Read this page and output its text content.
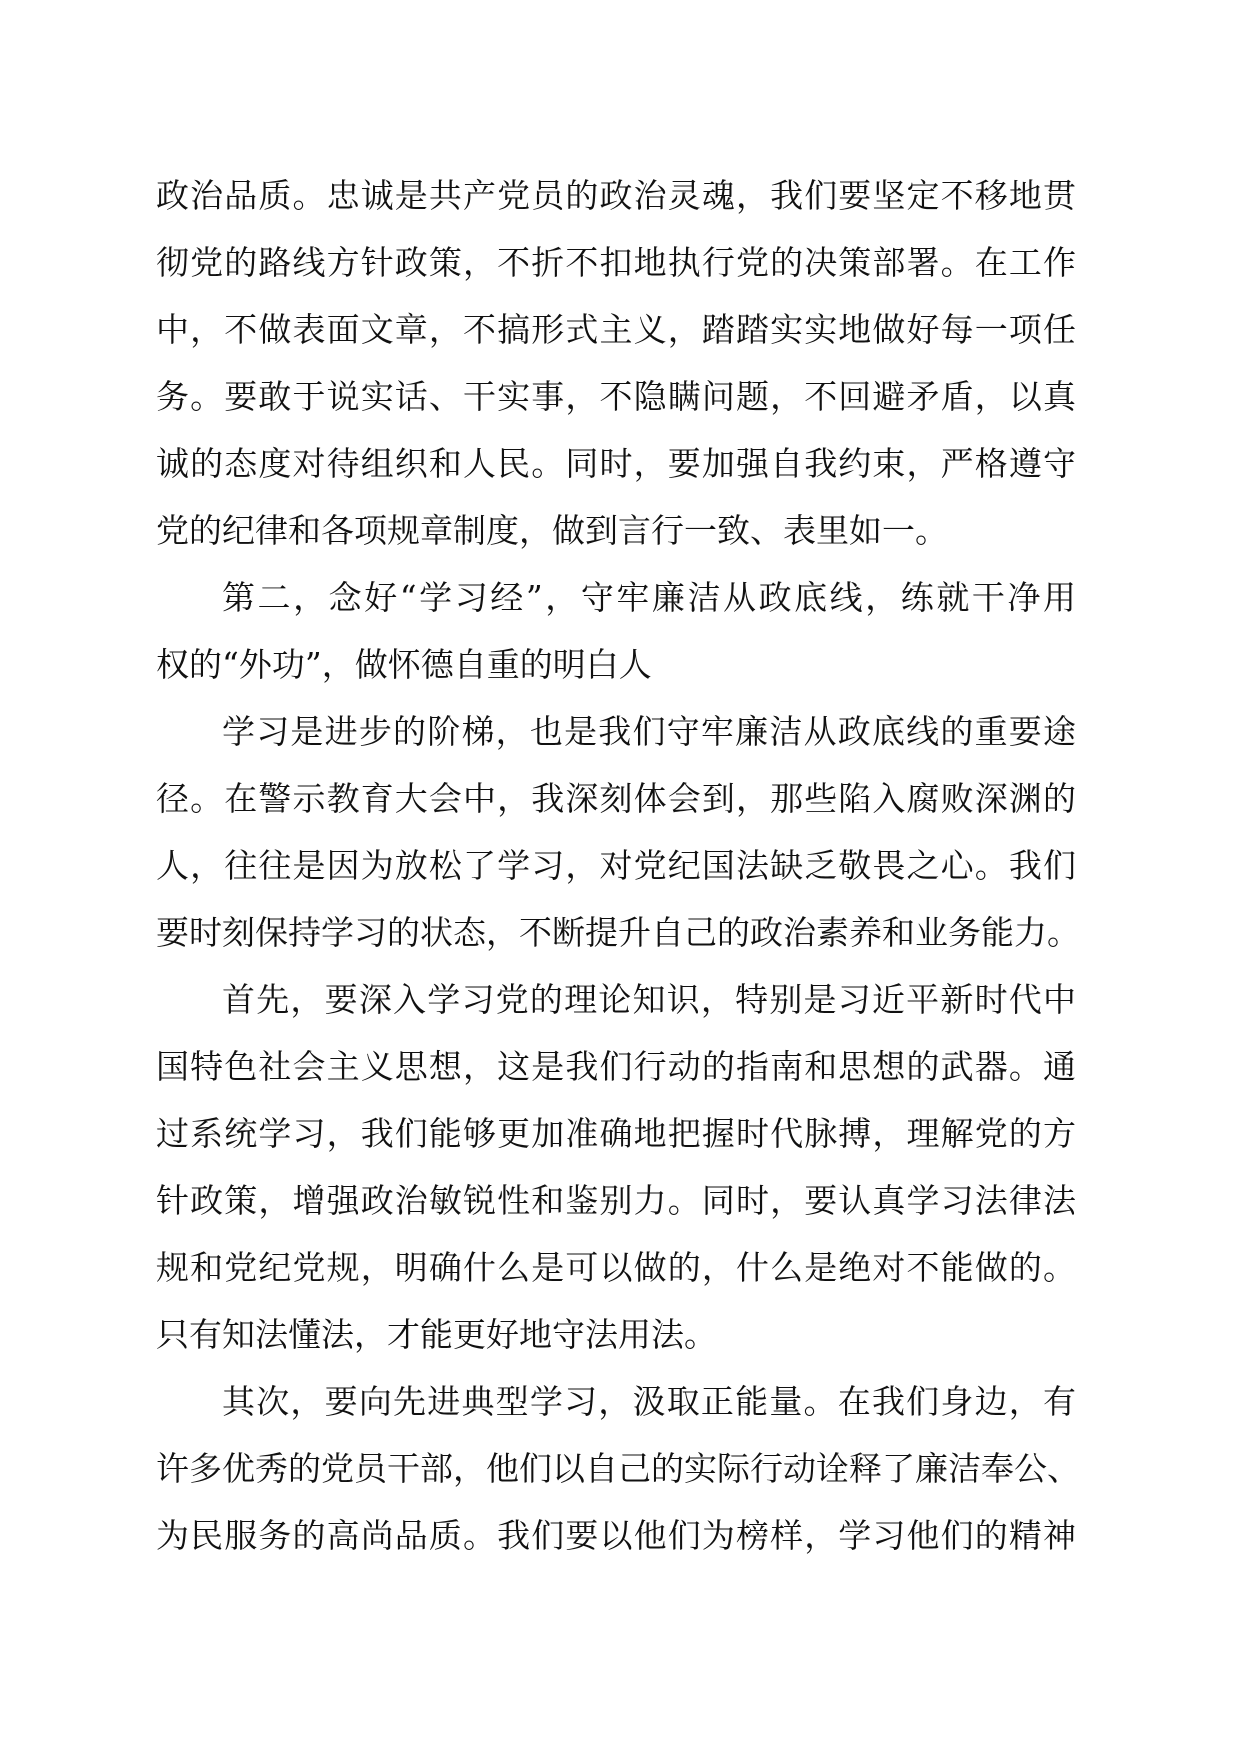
政治品质。忠诚是共产党员的政治灵魂，我们要坚定不移地贯
彻党的路线方针政策，不折不扣地执行党的决策部署。在工作
中，不做表面文章，不搞形式主义，踏踏实实地做好每一项任
务。要敢于说实话、干实事，不隐瞒问题，不回避矛盾，以真
诚的态度对待组织和人民。同时，要加强自我约束，严格遵守
党的纪律和各项规章制度，做到言行一致、表里如一。
第二，念好“学习经”，守牢廉洁从政底线，练就干净用
权的“外功”，做怀德自重的明白人
学习是进步的阶梯，也是我们守牢廉洁从政底线的重要途
径。在警示教育大会中，我深刻体会到，那些陷入腐败深渊的
人，往往是因为放松了学习，对党纪国法缺乏敬畏之心。我们
要时刻保持学习的状态，不断提升自己的政治素养和业务能力。
首先，要深入学习党的理论知识，特别是习近平新时代中
国特色社会主义思想，这是我们行动的指南和思想的武器。通
过系统学习，我们能够更加准确地把握时代脉搏，理解党的方
针政策，增强政治敏锐性和鉴别力。同时，要认真学习法律法
规和党纪党规，明确什么是可以做的，什么是绝对不能做的。
只有知法懂法，才能更好地守法用法。
其次，要向先进典型学习，汲取正能量。在我们身边，有
许多优秀的党员干部，他们以自己的实际行动诠释了廉洁奉公、
为民服务的高尚品质。我们要以他们为榜样，学习他们的精神
